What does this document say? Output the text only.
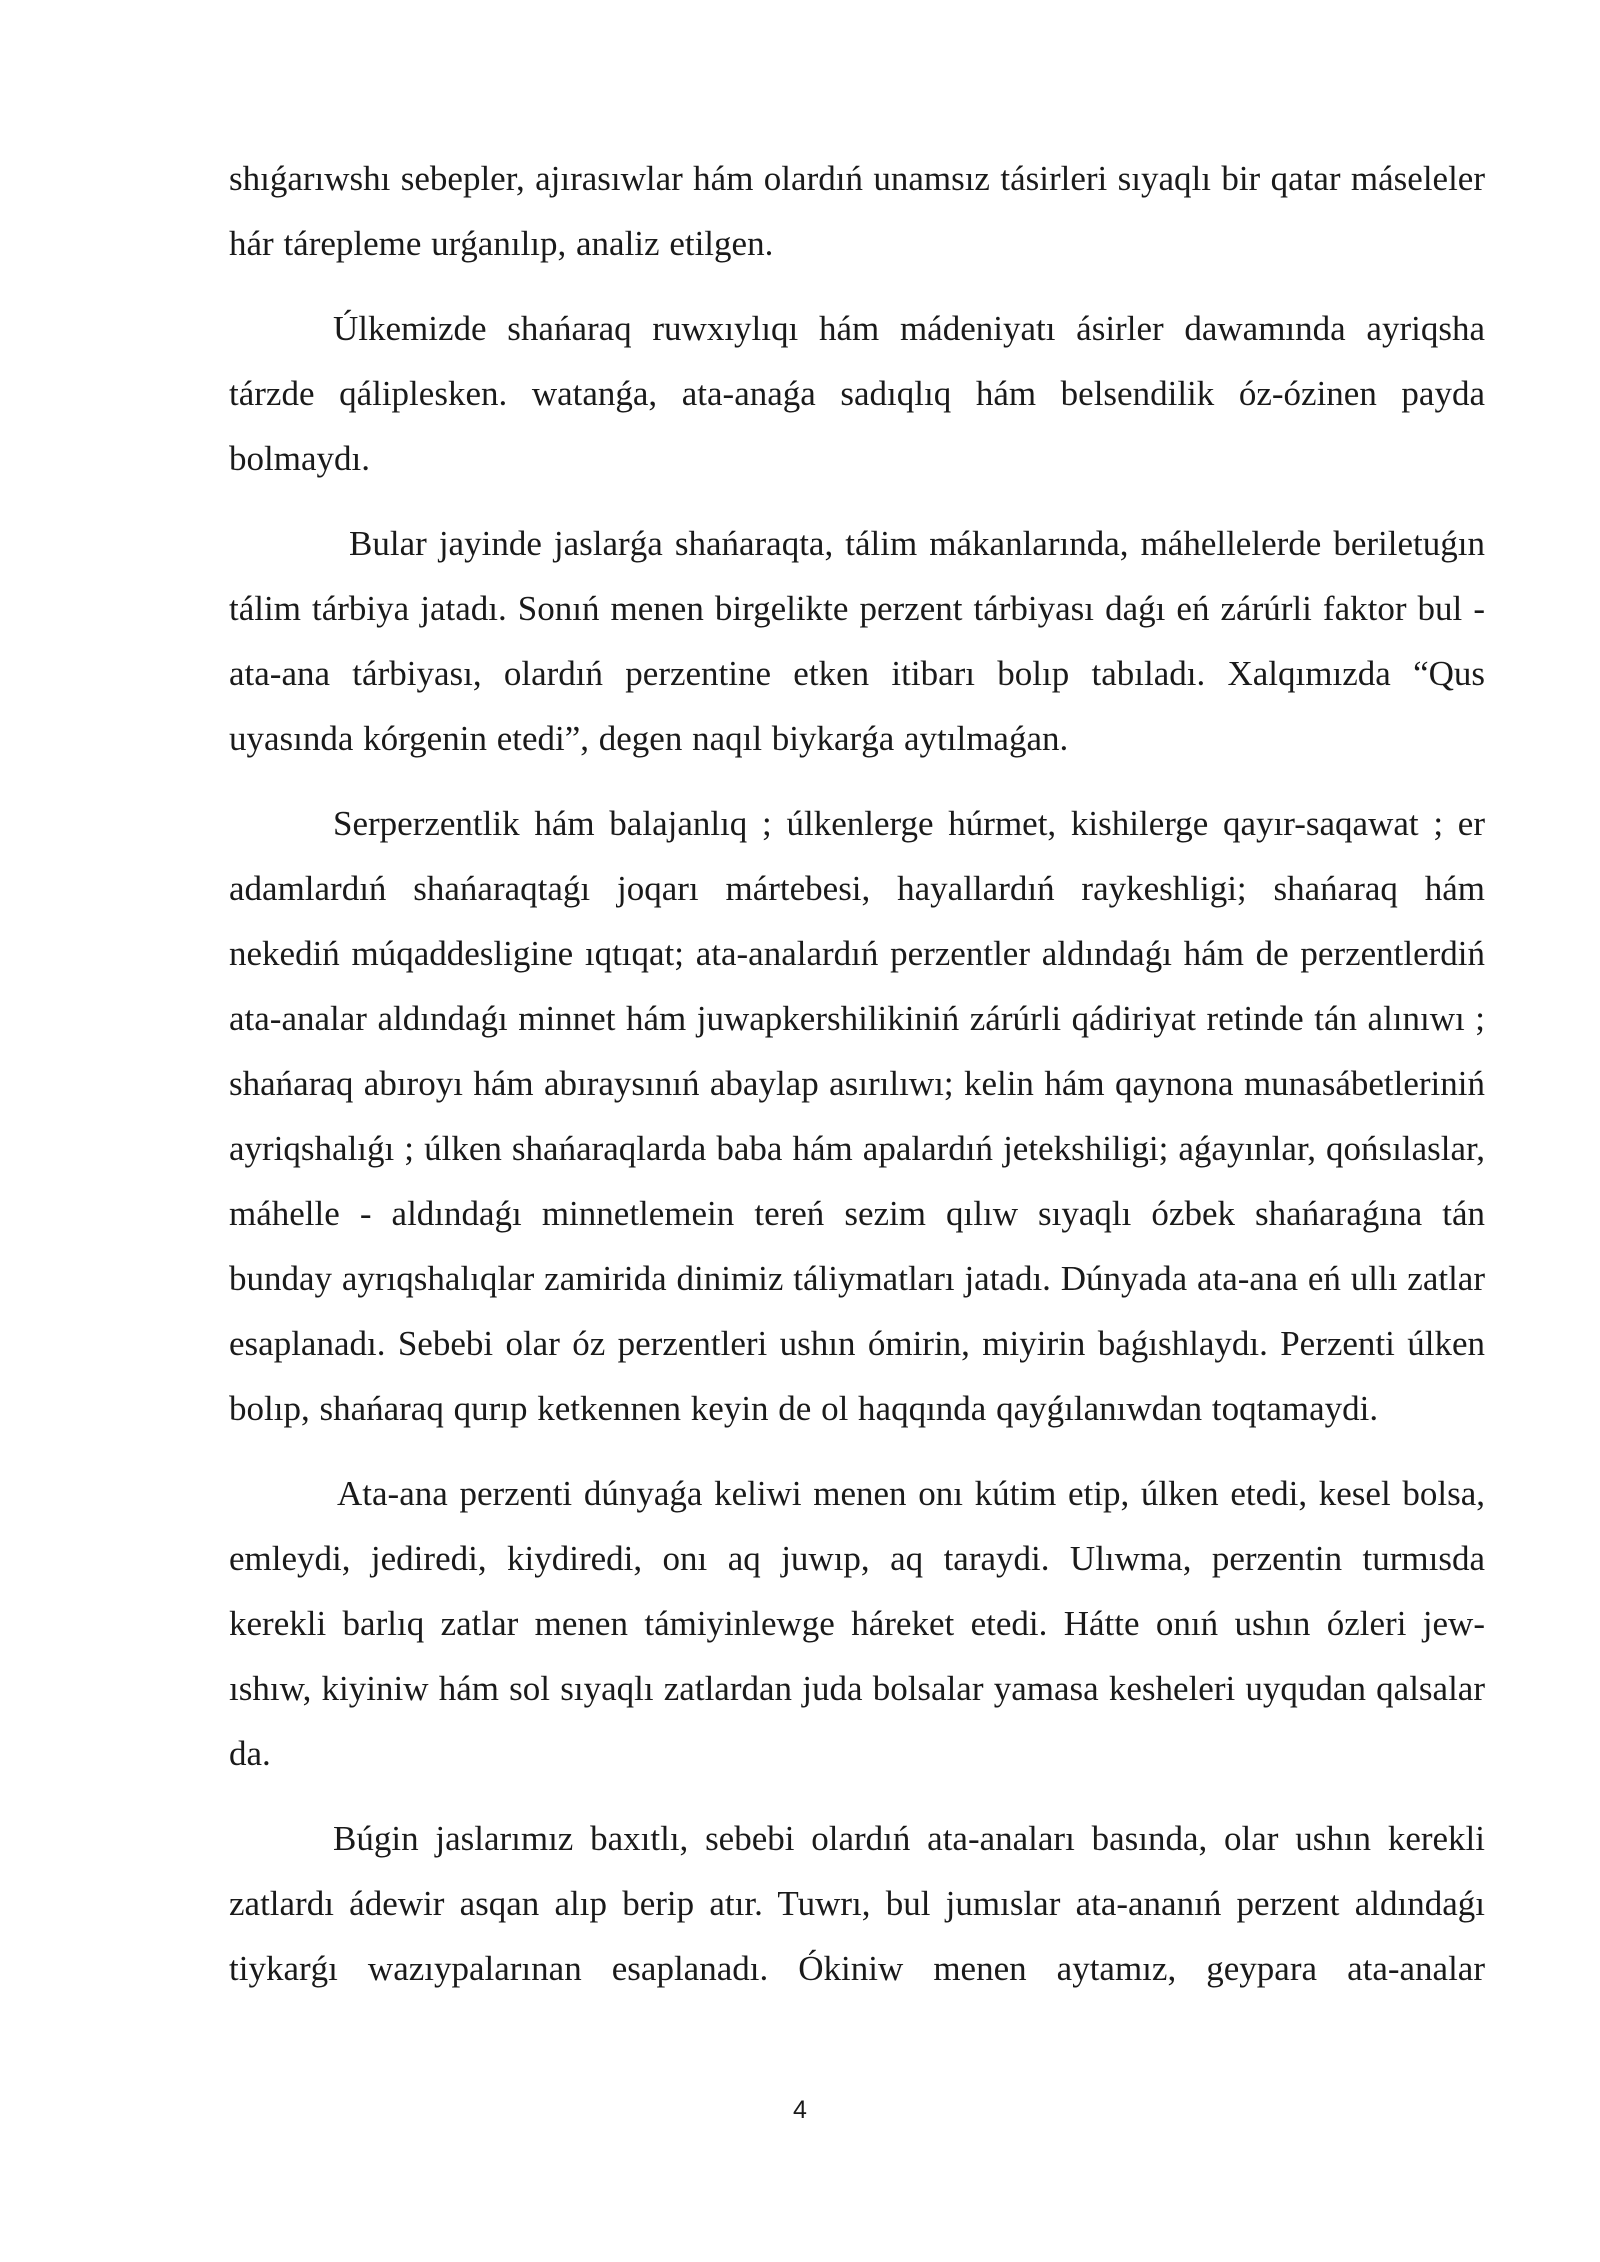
shıǵarıwshı sebepler, ajırasıwlar hám olardıń unamsız tásirleri sıyaqlı bir qatar máseleler hár tárepleme urǵanılıp, analiz etilgen.

Úlkemizde shańaraq ruwxıylıqı hám mádeniyatı ásirler dawamında ayriqsha tárzde qáliplesken. watanǵa, ata-anaǵa sadıqlıq hám belsendilik óz-ózinen payda bolmaydı.

Bular jayinde jaslarǵa shańaraqta, tálim mákanlarında, máhellelerde beriletuǵın tálim tárbiya jatadı. Sonıń menen birgelikte perzent tárbiyası daǵı eń zárúrli faktor bul - ata-ana tárbiyası, olardıń perzentine etken itibarı bolıp tabıladı. Xalqımızda “Qus uyasında kórgenin etedi”, degen naqıl biykarǵa aytılmaǵan.

Serperzentlik hám balajanlıq ; úlkenlerge húrmet, kishilerge qayır-saqawat ; er adamlardıń shańaraqtaǵı joqarı mártebesi, hayallardıń raykeshligi; shańaraq hám nekediń múqaddesligine ıqtıqat; ata-analardıń perzentler aldındaǵı hám de perzentlerdiń ata-analar aldındaǵı minnet hám juwapkershilikiniń zárúrli qádiriyat retinde tán alınıwı ; shańaraq abıroyı hám abıraysınıń abaylap asırılıwı; kelin hám qaynona munasábetleriniń ayriqshalıǵı ; úlken shańaraqlarda baba hám apalardıń jetekshiligi; aǵayınlar, qońsılaslar, máhelle - aldındaǵı minnetlemein tereń sezim qılıw sıyaqlı ózbek shańaraǵına tán bunday ayrıqshalıqlar zamirida dinimiz táliymatları jatadı. Dúnyada ata-ana eń ullı zatlar esaplanadı. Sebebi olar óz perzentleri ushın ómirin, miyirin baǵıshlaydı. Perzenti úlken bolıp, shańaraq qurıp ketkennen keyin de ol haqqında qayǵılanıwdan toqtamaydi.

Ata-ana perzenti dúnyaǵa keliwi menen onı kútim etip, úlken etedi, kesel bolsa, emleydi, jediredi, kiydiredi, onı aq juwıp, aq taraydi. Ulıwma, perzentin turmısda kerekli barlıq zatlar menen támiyinlewge háreket etedi. Hátte onıń ushın ózleri jew-ıshıw, kiyiniw hám sol sıyaqlı zatlardan juda bolsalar yamasa kesheleri uyqudan qalsalar da.

Búgin jaslarımız baxıtlı, sebebi olardıń ata-anaları basında, olar ushın kerekli zatlardı ádewir asqan alıp berip atır. Tuwrı, bul jumıslar ata-ananıń perzent aldındaǵı tiykarǵı wazıypalarınan esaplanadı. Ókiniw menen aytamız, geypara ata-analar

4
